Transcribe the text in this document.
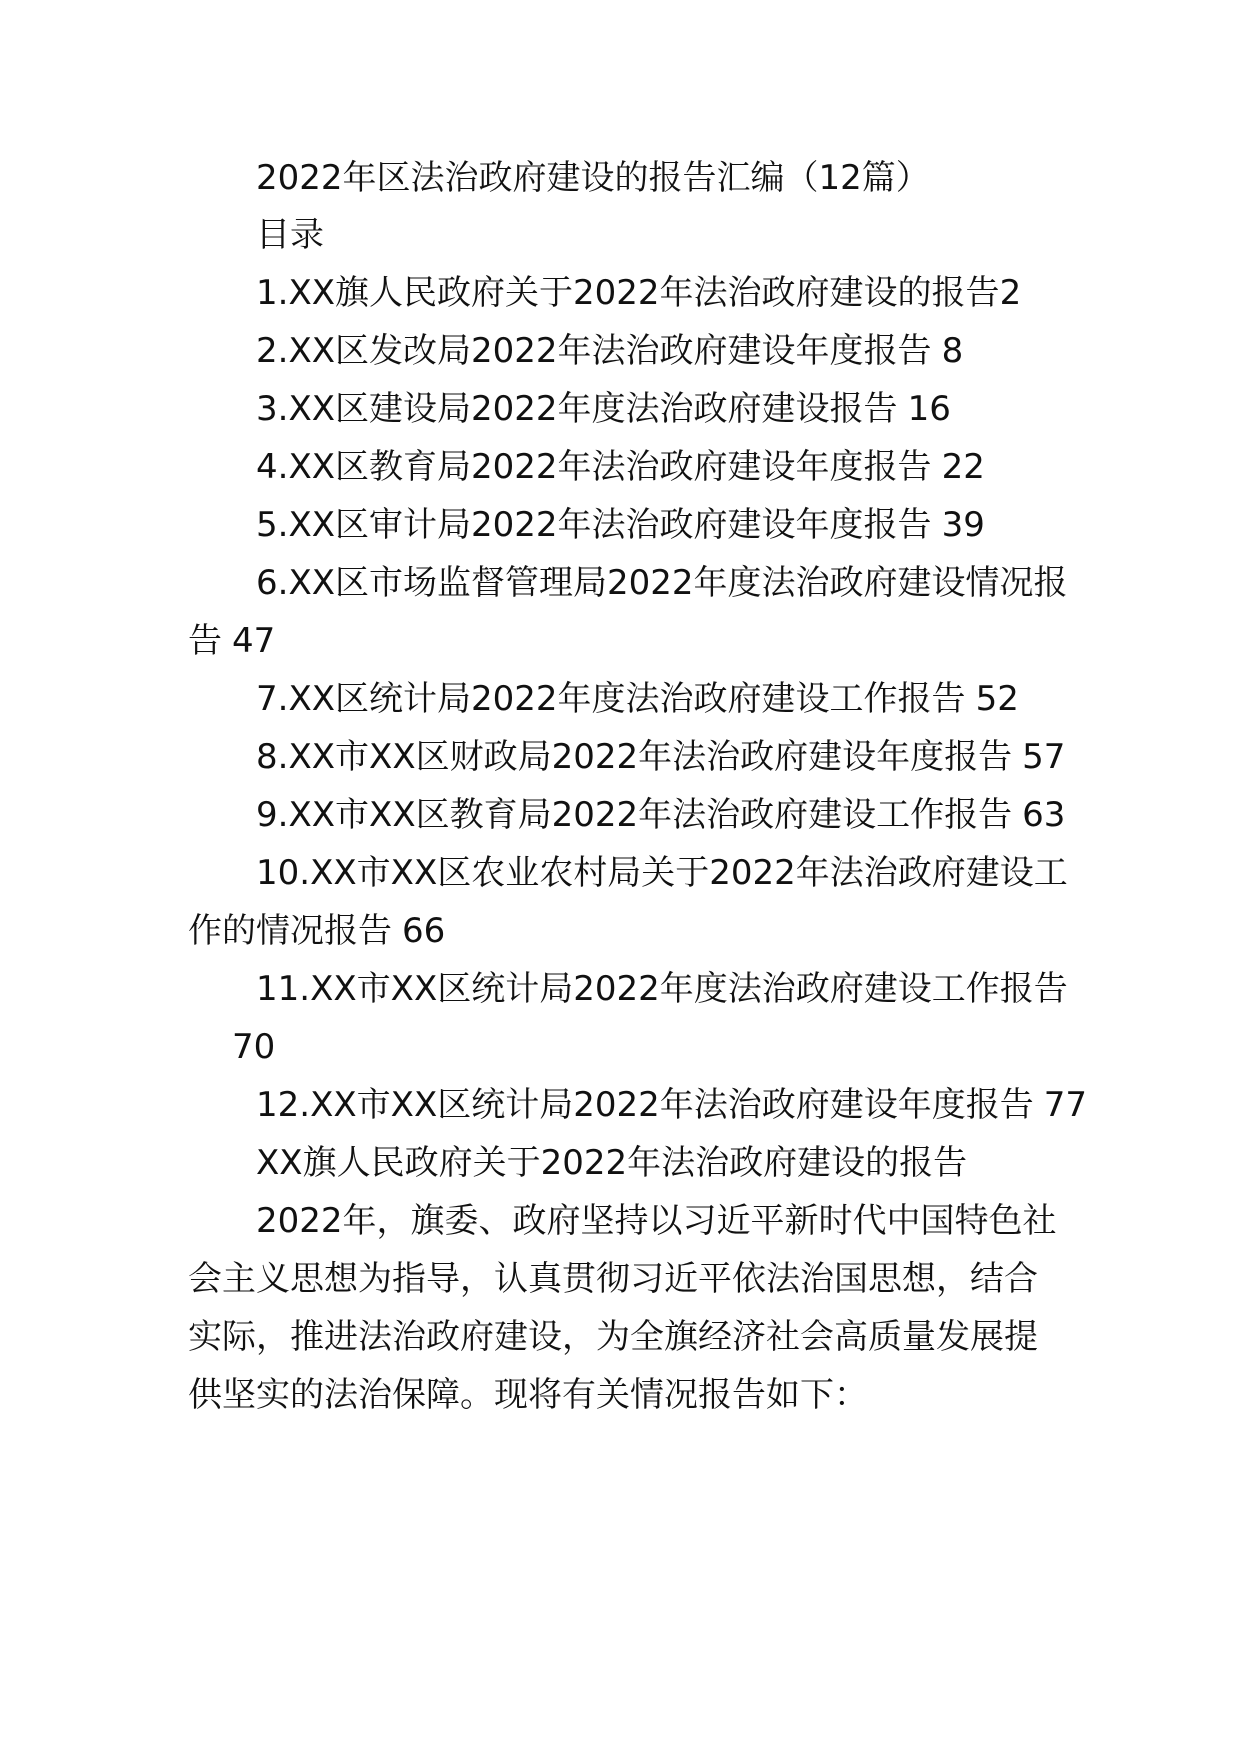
2022年区法治政府建设的报告汇编（12篇）
目录
1.XX旗人民政府关于2022年法治政府建设的报告2
2.XX区发改局2022年法治政府建设年度报告 8
3.XX区建设局2022年度法治政府建设报告 16
4.XX区教育局2022年法治政府建设年度报告 22
5.XX区审计局2022年法治政府建设年度报告 39
6.XX区市场监督管理局2022年度法治政府建设情况报
告 47
7.XX区统计局2022年度法治政府建设工作报告 52
8.XX市XX区财政局2022年法治政府建设年度报告 57
9.XX市XX区教育局2022年法治政府建设工作报告 63
10.XX市XX区农业农村局关于2022年法治政府建设工
作的情况报告 66
11.XX市XX区统计局2022年度法治政府建设工作报告
70
12.XX市XX区统计局2022年法治政府建设年度报告 77
XX旗人民政府关于2022年法治政府建设的报告
2022年，旗委、政府坚持以习近平新时代中国特色社
会主义思想为指导，认真贯彻习近平依法治国思想，结合
实际，推进法治政府建设，为全旗经济社会高质量发展提
供坚实的法治保障。现将有关情况报告如下：
